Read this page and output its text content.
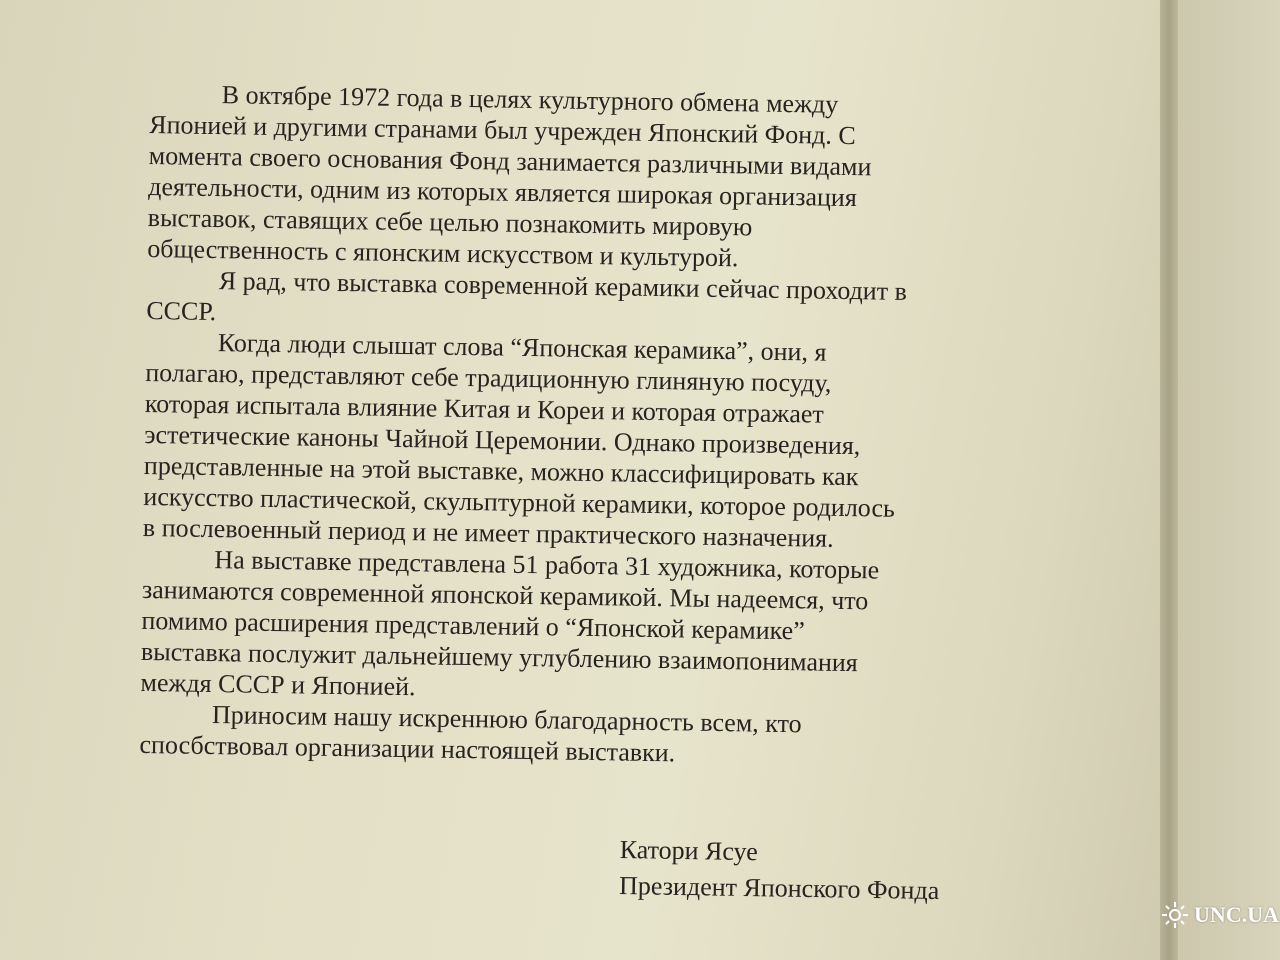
В октябре 1972 года в целях культурного обмена между
Японией и другими странами был учрежден Японский Фонд. С
момента своего основания Фонд занимается различными видами
деятельности, одним из которых является широкая организация
выставок, ставящих себе целью познакомить мировую
общественность с японским искусством и культурой.
Я рад, что выставка современной керамики сейчас проходит в
СССР.
Когда люди слышат слова “Японская керамика”, они, я
полагаю, представляют себе традиционную глиняную посуду,
которая испытала влияние Китая и Кореи и которая отражает
эстетические каноны Чайной Церемонии. Однако произведения,
представленные на этой выставке, можно классифицировать как
искусство пластической, скульптурной керамики, которое родилось
в послевоенный период и не имеет практического назначения.
На выставке представлена 51 работа 31 художника, которые
занимаются современной японской керамикой. Мы надеемся, что
помимо расширения представлений о “Японской керамике”
выставка послужит дальнейшему углублению взаимопонимания
междя СССР и Японией.
Приносим нашу искреннюю благодарность всем, кто
спосбствовал организации настоящей выставки.
Катори Ясуе
Президент Японского Фонда
UNC.UA
